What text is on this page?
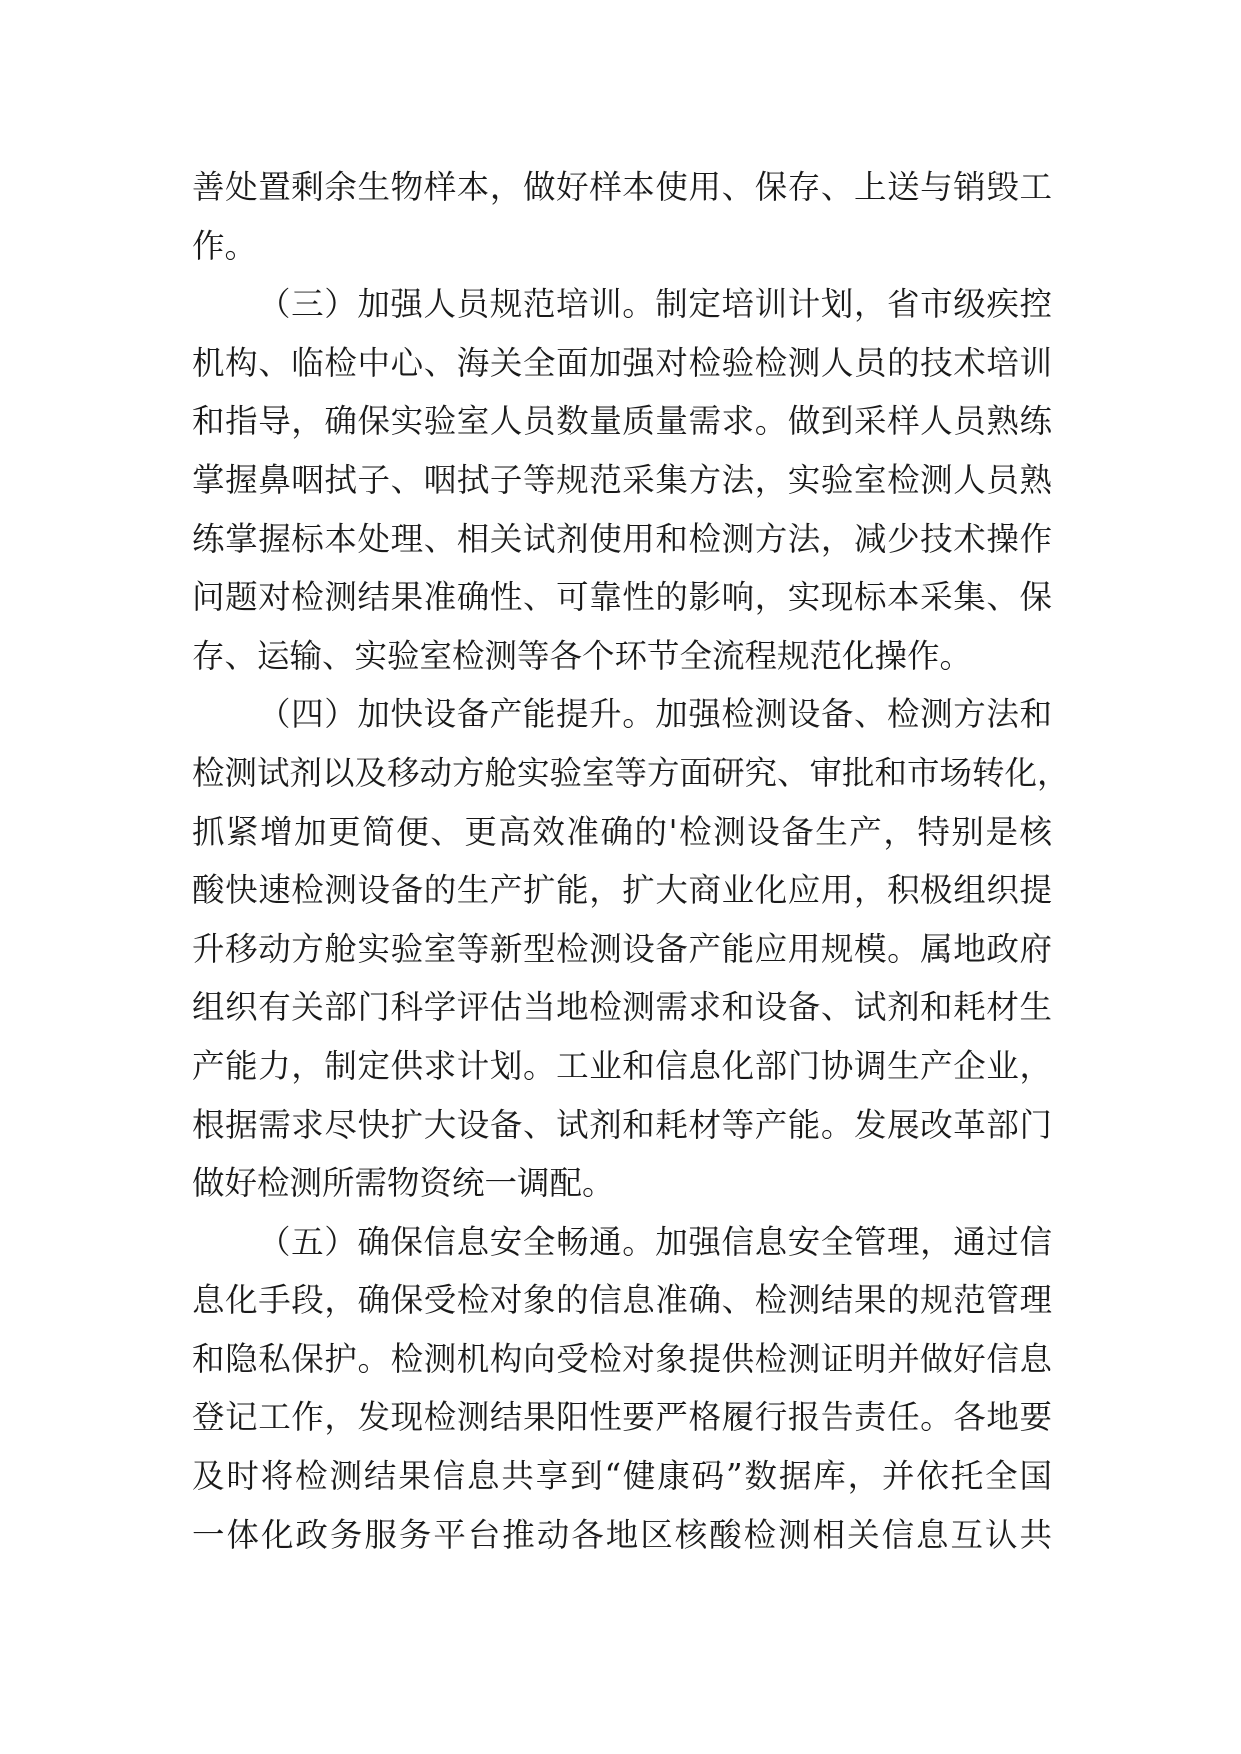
善处置剩余生物样本，做好样本使用、保存、上送与销毁工
作。
（三）加强人员规范培训。制定培训计划，省市级疾控
机构、临检中心、海关全面加强对检验检测人员的技术培训
和指导，确保实验室人员数量质量需求。做到采样人员熟练
掌握鼻咽拭子、咽拭子等规范采集方法，实验室检测人员熟
练掌握标本处理、相关试剂使用和检测方法，减少技术操作
问题对检测结果准确性、可靠性的影响，实现标本采集、保
存、运输、实验室检测等各个环节全流程规范化操作。
（四）加快设备产能提升。加强检测设备、检测方法和
检测试剂以及移动方舱实验室等方面研究、审批和市场转化，
抓紧增加更简便、更高效准确的'检测设备生产，特别是核
酸快速检测设备的生产扩能，扩大商业化应用，积极组织提
升移动方舱实验室等新型检测设备产能应用规模。属地政府
组织有关部门科学评估当地检测需求和设备、试剂和耗材生
产能力，制定供求计划。工业和信息化部门协调生产企业，
根据需求尽快扩大设备、试剂和耗材等产能。发展改革部门
做好检测所需物资统一调配。
（五）确保信息安全畅通。加强信息安全管理，通过信
息化手段，确保受检对象的信息准确、检测结果的规范管理
和隐私保护。检测机构向受检对象提供检测证明并做好信息
登记工作，发现检测结果阳性要严格履行报告责任。各地要
及时将检测结果信息共享到“健康码”数据库，并依托全国
一体化政务服务平台推动各地区核酸检测相关信息互认共
